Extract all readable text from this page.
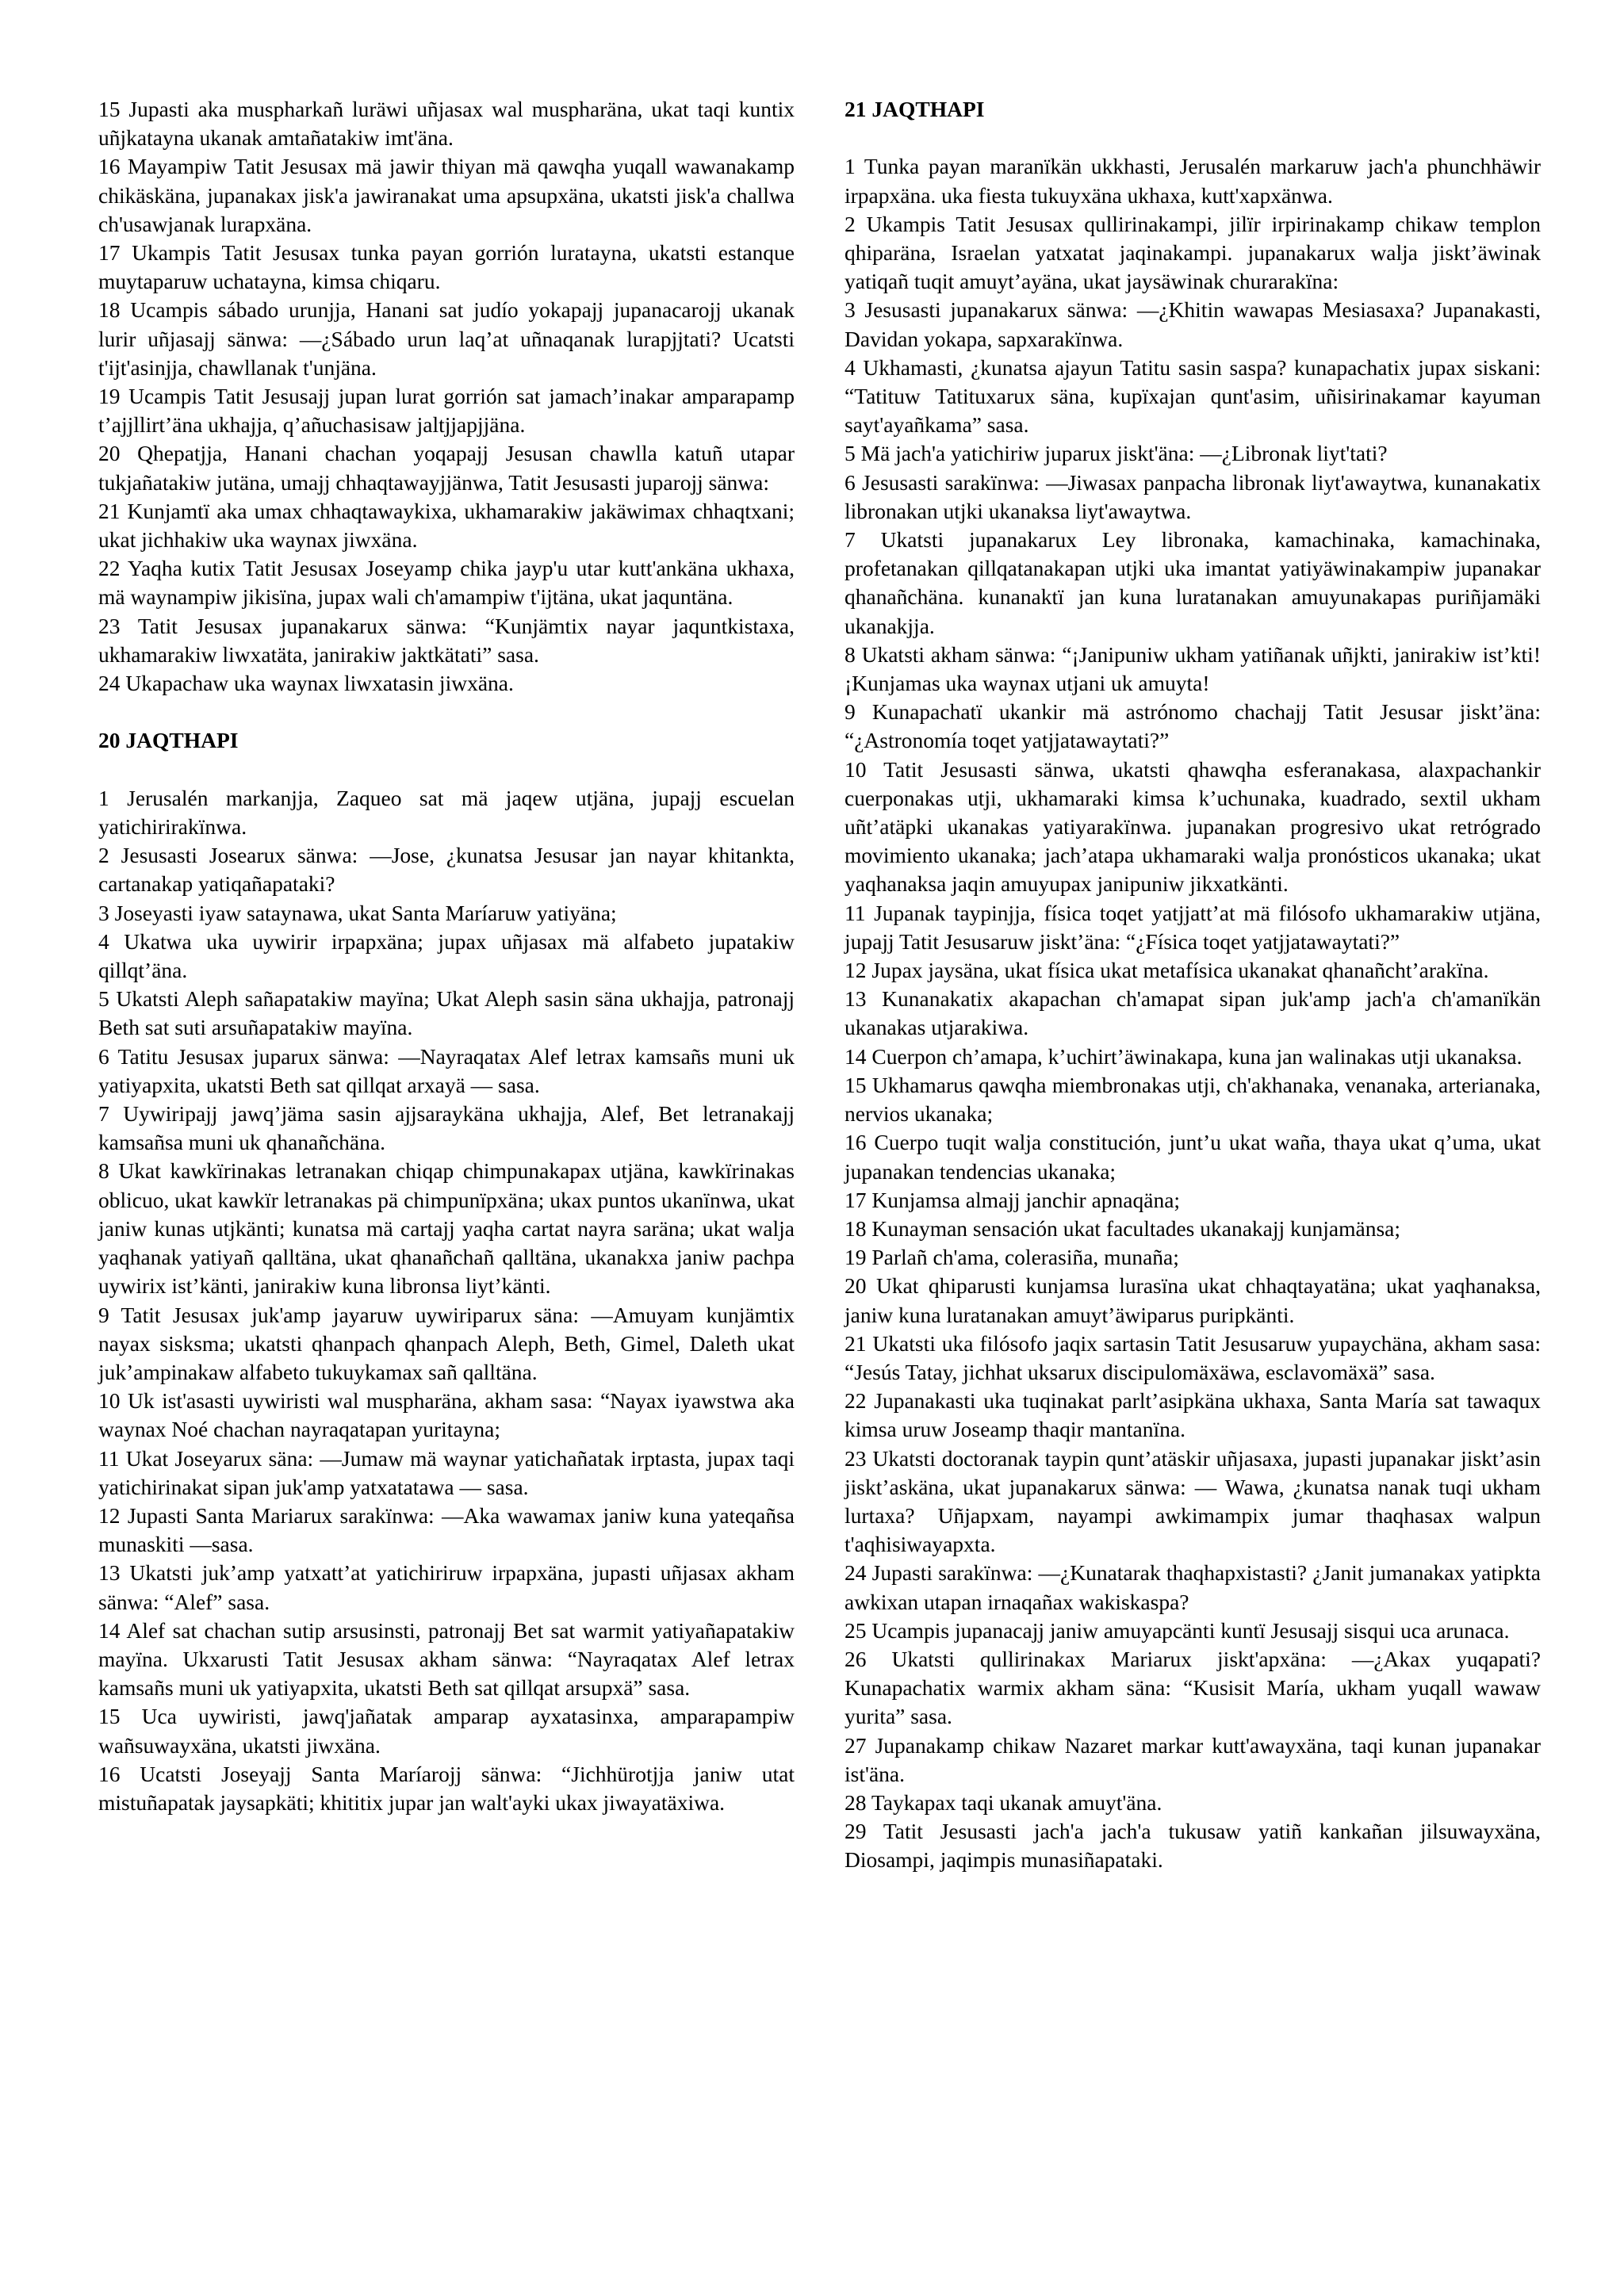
15 Jupasti aka muspharkañ luräwi uñjasax wal muspharäna, ukat taqi kuntix uñjkatayna ukanak amtañatakiw imt'äna.

16 Mayampiw Tatit Jesusax mä jawir thiyan mä qawqha yuqall wawanakamp chikäskäna, jupanakax jisk'a jawiranakat uma apsupxäna, ukatsti jisk'a challwa ch'usawjanak lurapxäna.

17 Ukampis Tatit Jesusax tunka payan gorrión luratayna, ukatsti estanque muytaparuw uchatayna, kimsa chiqaru.

18 Ucampis sábado urunjja, Hanani sat judío yokapajj jupanacarojj ukanak lurir uñjasajj sänwa: —¿Sábado urun laq’at uñnaqanak lurapjjtati? Ucatsti t'ijt'asinjja, chawllanak t'unjäna.

19 Ucampis Tatit Jesusajj jupan lurat gorrión sat jamach’inakar amparapamp t’ajjllirt’äna ukhajja, q’añuchasisaw jaltjjapjjäna.

20 Qhepatjja, Hanani chachan yoqapajj Jesusan chawlla katuñ utapar tukjañatakiw jutäna, umajj chhaqtawayjjänwa, Tatit Jesusasti juparojj sänwa:

21 Kunjamtï aka umax chhaqtawaykixa, ukhamarakiw jakäwimax chhaqtxani; ukat jichhakiw uka waynax jiwxäna.

22 Yaqha kutix Tatit Jesusax Joseyamp chika jayp'u utar kutt'ankäna ukhaxa, mä waynampiw jikisïna, jupax wali ch'amampiw t'ijtäna, ukat jaquntäna.

23 Tatit Jesusax jupanakarux sänwa: “Kunjämtix nayar jaquntkistaxa, ukhamarakiw liwxatäta, janirakiw jaktkätati” sasa.

24 Ukapachaw uka waynax liwxatasin jiwxäna.

20 JAQTHAPI

1 Jerusalén markanjja, Zaqueo sat mä jaqew utjäna, jupajj escuelan yatichirirakïnwa.

2 Jesusasti Josearux sänwa: —Jose, ¿kunatsa Jesusar jan nayar khitankta, cartanakap yatiqañapataki?

3 Joseyasti iyaw sataynawa, ukat Santa Maríaruw yatiyäna;

4 Ukatwa uka uywirir irpapxäna; jupax uñjasax mä alfabeto jupatakiw qillqt’äna.

5 Ukatsti Aleph sañapatakiw mayïna; Ukat Aleph sasin säna ukhajja, patronajj Beth sat suti arsuñapatakiw mayïna.

6 Tatitu Jesusax juparux sänwa: —Nayraqatax Alef letrax kamsañs muni uk yatiyapxita, ukatsti Beth sat qillqat arxayä — sasa.

7 Uywiripajj jawq’jäma sasin ajjsaraykäna ukhajja, Alef, Bet letranakajj kamsañsa muni uk qhanañchäna.

8 Ukat kawkïrinakas letranakan chiqap chimpunakapax utjäna, kawkïrinakas oblicuo, ukat kawkïr letranakas pä chimpunïpxäna; ukax puntos ukanïnwa, ukat janiw kunas utjkänti; kunatsa mä cartajj yaqha cartat nayra saräna; ukat walja yaqhanak yatiyañ qalltäna, ukat qhanañchañ qalltäna, ukanakxa janiw pachpa uywirix ist’känti, janirakiw kuna libronsa liyt’känti.

9 Tatit Jesusax juk'amp jayaruw uywiriparux säna: —Amuyam kunjämtix nayax sisksma; ukatsti qhanpach qhanpach Aleph, Beth, Gimel, Daleth ukat juk’ampinakaw alfabeto tukuykamax sañ qalltäna.

10 Uk ist'asasti uywiristi wal muspharäna, akham sasa: “Nayax iyawstwa aka waynax Noé chachan nayraqatapan yuritayna;

11 Ukat Joseyarux säna: —Jumaw mä waynar yatichañatak irptasta, jupax taqi yatichirinakat sipan juk'amp yatxatatawa — sasa.

12 Jupasti Santa Mariarux sarakïnwa: —Aka wawamax janiw kuna yateqañsa munaskiti —sasa.

13 Ukatsti juk’amp yatxatt’at yatichiriruw irpapxäna, jupasti uñjasax akham sänwa: “Alef” sasa.

14 Alef sat chachan sutip arsusinsti, patronajj Bet sat warmit yatiyañapatakiw mayïna. Ukxarusti Tatit Jesusax akham sänwa: “Nayraqatax Alef letrax kamsañs muni uk yatiyapxita, ukatsti Beth sat qillqat arsupxä” sasa.

15 Uca uywiristi, jawq'jañatak amparap ayxatasinxa, amparapampiw wañsuwayxäna, ukatsti jiwxäna.

16 Ucatsti Joseyajj Santa Maríarojj sänwa: “Jichhürotjja janiw utat mistuñapatak jaysapkäti; khititix jupar jan walt'ayki ukax jiwayatäxiwa.

21 JAQTHAPI

1 Tunka payan maranïkän ukkhasti, Jerusalén markaruw jach'a phunchhäwir irpapxäna. uka fiesta tukuyxäna ukhaxa, kutt'xapxänwa.

2 Ukampis Tatit Jesusax qullirinakampi, jilïr irpirinakamp chikaw templon qhiparäna, Israelan yatxatat jaqinakampi. jupanakarux walja jiskt’äwinak yatiqañ tuqit amuyt’ayäna, ukat jaysäwinak churarakïna:

3 Jesusasti jupanakarux sänwa: —¿Khitin wawapas Mesiasaxa? Jupanakasti, Davidan yokapa, sapxarakïnwa.

4 Ukhamasti, ¿kunatsa ajayun Tatitu sasin saspa? kunapachatix jupax siskani: “Tatituw Tatituxarux säna, kupïxajan qunt'asim, uñisirinakamar kayuman sayt'ayañkama” sasa.

5 Mä jach'a yatichiriw juparux jiskt'äna: —¿Libronak liyt'tati?

6 Jesusasti sarakïnwa: —Jiwasax panpacha libronak liyt'awaytwa, kunanakatix libronakan utjki ukanaksa liyt'awaytwa.

7 Ukatsti jupanakarux Ley libronaka, kamachinaka, kamachinaka, profetanakan qillqatanakapan utjki uka imantat yatiyäwinakampiw jupanakar qhanañchäna. kunanaktï jan kuna luratanakan amuyunakapas puriñjamäki ukanakjja.

8 Ukatsti akham sänwa: “¡Janipuniw ukham yatiñanak uñjkti, janirakiw ist’kti! ¡Kunjamas uka waynax utjani uk amuyta!

9 Kunapachatï ukankir mä astrónomo chachajj Tatit Jesusar jiskt’äna: “¿Astronomía toqet yatjjatawaytati?”

10 Tatit Jesusasti sänwa, ukatsti qhawqha esferanakasa, alaxpachankir cuerponakas utji, ukhamaraki kimsa k’uchunaka, kuadrado, sextil ukham uñt’atäpki ukanakas yatiyarakïnwa. jupanakan progresivo ukat retrógrado movimiento ukanaka; jach’atapa ukhamaraki walja pronósticos ukanaka; ukat yaqhanaksa jaqin amuyupax janipuniw jikxatkänti.

11 Jupanak taypinjja, física toqet yatjjatt’at mä filósofo ukhamarakiw utjäna, jupajj Tatit Jesusaruw jiskt’äna: “¿Física toqet yatjjatawaytati?”

12 Jupax jaysäna, ukat física ukat metafísica ukanakat qhanañcht’arakïna.

13 Kunanakatix akapachan ch'amapat sipan juk'amp jach'a ch'amanïkän ukanakas utjarakiwa.

14 Cuerpon ch’amapa, k’uchirt’äwinakapa, kuna jan walinakas utji ukanaksa.

15 Ukhamarus qawqha miembronakas utji, ch'akhanaka, venanaka, arterianaka, nervios ukanaka;

16 Cuerpo tuqit walja constitución, junt’u ukat waña, thaya ukat q’uma, ukat jupanakan tendencias ukanaka;

17 Kunjamsa almajj janchir apnaqäna;

18 Kunayman sensación ukat facultades ukanakajj kunjamänsa;

19 Parlañ ch'ama, colerasiña, munaña;

20 Ukat qhiparusti kunjamsa lurasïna ukat chhaqtayatäna; ukat yaqhanaksa, janiw kuna luratanakan amuyt’äwiparus puripkänti.

21 Ukatsti uka filósofo jaqix sartasin Tatit Jesusaruw yupaychäna, akham sasa: “Jesús Tatay, jichhat uksarux discipulomäxäwa, esclavomäxä” sasa.

22 Jupanakasti uka tuqinakat parlt’asipkäna ukhaxa, Santa María sat tawaqux kimsa uruw Joseamp thaqir mantanïna.

23 Ukatsti doctoranak taypin qunt’atäskir uñjasaxa, jupasti jupanakar jiskt’asin jiskt’askäna, ukat jupanakarux sänwa: — Wawa, ¿kunatsa nanak tuqi ukham lurtaxa? Uñjapxam, nayampi awkimampix jumar thaqhasax walpun t'aqhisiwayapxta.

24 Jupasti sarakïnwa: —¿Kunatarak thaqhapxistasti? ¿Janit jumanakax yatipkta awkixan utapan irnaqañax wakiskaspa?

25 Ucampis jupanacajj janiw amuyapcänti kuntï Jesusajj sisqui uca arunaca.

26 Ukatsti qullirinakax Mariarux jiskt'apxäna: —¿Akax yuqapati? Kunapachatix warmix akham säna: “Kusisit María, ukham yuqall wawaw yurita” sasa.

27 Jupanakamp chikaw Nazaret markar kutt'awayxäna, taqi kunan jupanakar ist'äna.

28 Taykapax taqi ukanak amuyt'äna.

29 Tatit Jesusasti jach'a jach'a tukusaw yatiñ kankañan jilsuwayxäna, Diosampi, jaqimpis munasiñapataki.
